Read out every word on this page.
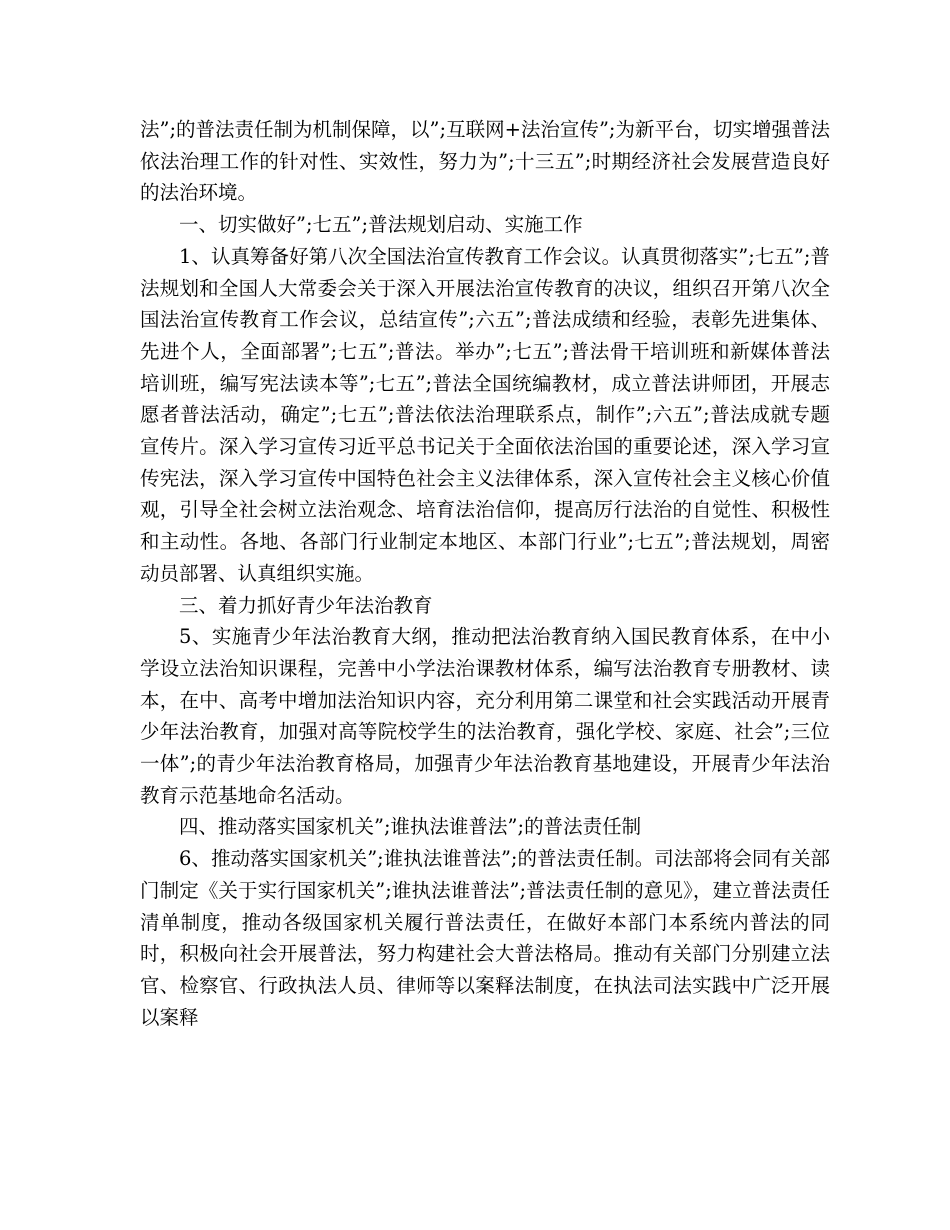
法”;的普法责任制为机制保障，以”;互联网+法治宣传”;为新平台，切实增强普法依法治理工作的针对性、实效性，努力为”;十三五”;时期经济社会发展营造良好的法治环境。

一、切实做好”;七五”;普法规划启动、实施工作

1、认真筹备好第八次全国法治宣传教育工作会议。认真贯彻落实”;七五”;普法规划和全国人大常委会关于深入开展法治宣传教育的决议，组织召开第八次全国法治宣传教育工作会议，总结宣传”;六五”;普法成绩和经验，表彰先进集体、先进个人，全面部署”;七五”;普法。举办”;七五”;普法骨干培训班和新媒体普法培训班，编写宪法读本等”;七五”;普法全国统编教材，成立普法讲师团，开展志愿者普法活动，确定”;七五”;普法依法治理联系点，制作”;六五”;普法成就专题宣传片。深入学习宣传习近平总书记关于全面依法治国的重要论述，深入学习宣传宪法，深入学习宣传中国特色社会主义法律体系，深入宣传社会主义核心价值观，引导全社会树立法治观念、培育法治信仰，提高厉行法治的自觉性、积极性和主动性。各地、各部门行业制定本地区、本部门行业”;七五”;普法规划，周密动员部署、认真组织实施。

三、着力抓好青少年法治教育

5、实施青少年法治教育大纲，推动把法治教育纳入国民教育体系，在中小学设立法治知识课程，完善中小学法治课教材体系，编写法治教育专册教材、读本，在中、高考中增加法治知识内容，充分利用第二课堂和社会实践活动开展青少年法治教育，加强对高等院校学生的法治教育，强化学校、家庭、社会”;三位一体”;的青少年法治教育格局，加强青少年法治教育基地建设，开展青少年法治教育示范基地命名活动。

四、推动落实国家机关”;谁执法谁普法”;的普法责任制

6、推动落实国家机关”;谁执法谁普法”;的普法责任制。司法部将会同有关部门制定《关于实行国家机关”;谁执法谁普法”;普法责任制的意见》，建立普法责任清单制度，推动各级国家机关履行普法责任，在做好本部门本系统内普法的同时，积极向社会开展普法，努力构建社会大普法格局。推动有关部门分别建立法官、检察官、行政执法人员、律师等以案释法制度，在执法司法实践中广泛开展以案释
